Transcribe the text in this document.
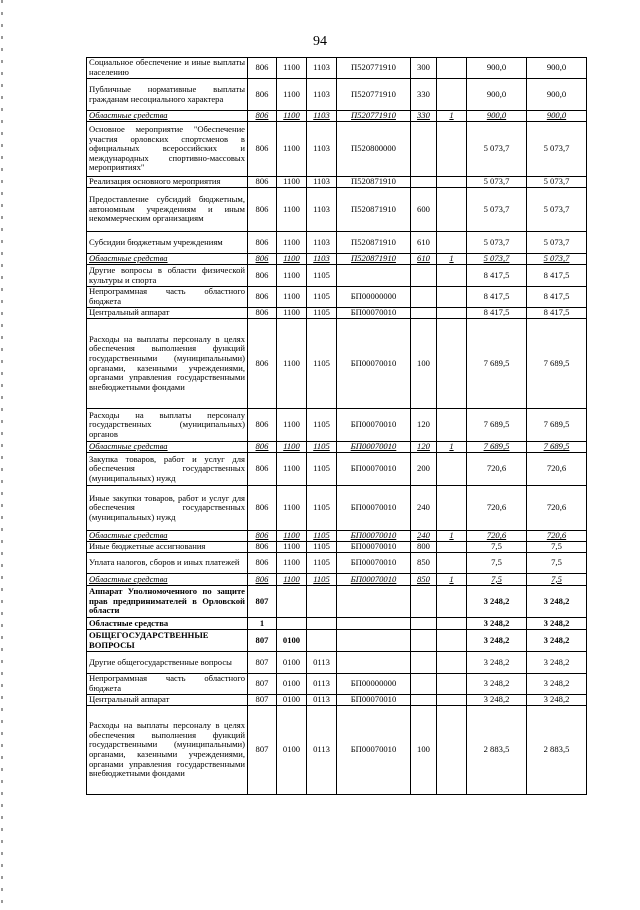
94
Социальное обеспечение и иные выплаты населению	806	1100	1103	П520771910	300		900,0	900,0
Публичные нормативные выплаты гражданам несоциального характера	806	1100	1103	П520771910	330		900,0	900,0
Областные средства	806	1100	1103	П520771910	330	1	900,0	900,0
Основное мероприятие "Обеспечение участия орловских спортсменов в официальных всероссийских и международных спортивно-массовых мероприятиях"	806	1100	1103	П520800000			5 073,7	5 073,7
Реализация основного мероприятия	806	1100	1103	П520871910			5 073,7	5 073,7
Предоставление субсидий бюджетным, автономным учреждениям и иным некоммерческим организациям	806	1100	1103	П520871910	600		5 073,7	5 073,7
Субсидии бюджетным учреждениям	806	1100	1103	П520871910	610		5 073,7	5 073,7
Областные средства	806	1100	1103	П520871910	610	1	5 073,7	5 073,7
Другие вопросы в области физической культуры и спорта	806	1100	1105				8 417,5	8 417,5
Непрограммная часть областного бюджета	806	1100	1105	БП00000000			8 417,5	8 417,5
Центральный аппарат	806	1100	1105	БП00070010			8 417,5	8 417,5
Расходы на выплаты персоналу в целях обеспечения выполнения функций государственными (муниципальными) органами, казенными учреждениями, органами управления государственными внебюджетными фондами	806	1100	1105	БП00070010	100		7 689,5	7 689,5
Расходы на выплаты персоналу государственных (муниципальных) органов	806	1100	1105	БП00070010	120		7 689,5	7 689,5
Областные средства	806	1100	1105	БП00070010	120	1	7 689,5	7 689,5
Закупка товаров, работ и услуг для обеспечения государственных (муниципальных) нужд	806	1100	1105	БП00070010	200		720,6	720,6
Иные закупки товаров, работ и услуг для обеспечения государственных (муниципальных) нужд	806	1100	1105	БП00070010	240		720,6	720,6
Областные средства	806	1100	1105	БП00070010	240	1	720,6	720,6
Иные бюджетные ассигнования	806	1100	1105	БП00070010	800		7,5	7,5
Уплата налогов, сборов и иных платежей	806	1100	1105	БП00070010	850		7,5	7,5
Областные средства	806	1100	1105	БП00070010	850	1	7,5	7,5
Аппарат Уполномоченного по защите прав предпринимателей в Орловской области	807						3 248,2	3 248,2
Областные средства	1						3 248,2	3 248,2
ОБЩЕГОСУДАРСТВЕННЫЕ ВОПРОСЫ	807	0100					3 248,2	3 248,2
Другие общегосударственные вопросы	807	0100	0113				3 248,2	3 248,2
Непрограммная часть областного бюджета	807	0100	0113	БП00000000			3 248,2	3 248,2
Центральный аппарат	807	0100	0113	БП00070010			3 248,2	3 248,2
Расходы на выплаты персоналу в целях обеспечения выполнения функций государственными (муниципальными) органами, казенными учреждениями, органами управления государственными внебюджетными фондами	807	0100	0113	БП00070010	100		2 883,5	2 883,5
